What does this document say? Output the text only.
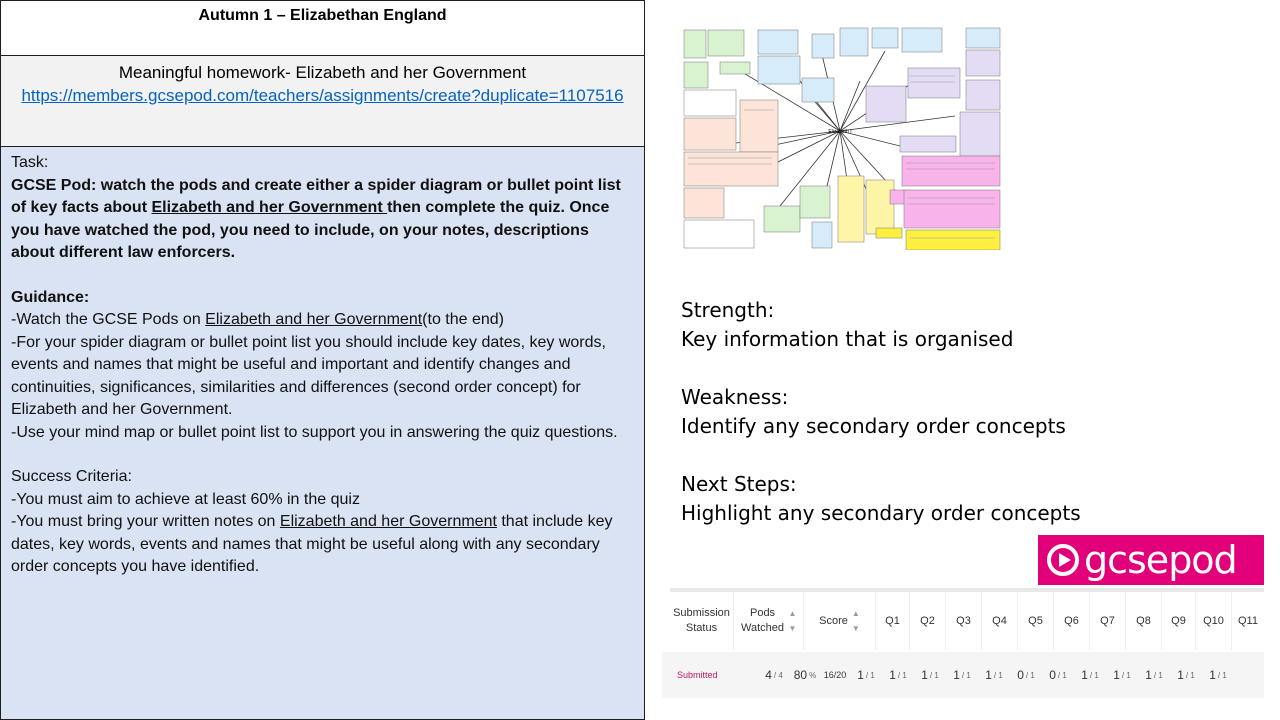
Autumn 1 – Elizabethan England
Meaningful homework- Elizabeth and her Government
https://members.gcsepod.com/teachers/assignments/create?duplicate=1107516

Task:

GCSE Pod: watch the pods and create either a spider diagram or bullet point list of key facts about Elizabeth and her Government then complete the quiz. Once you have watched the pod, you need to include, on your notes, descriptions about different law enforcers.

Guidance:

-Watch the GCSE Pods on Elizabeth and her Government(to the end)

-For your spider diagram or bullet point list you should include key dates, key words, events and names that might be useful and important and identify changes and continuities, significances, similarities and differences (second order concept) for Elizabeth and her Government.

-Use your mind map or bullet point list to support you in answering the quiz questions.

Success Criteria:

-You must aim to achieve at least 60% in the quiz

-You must bring your written notes on Elizabeth and her Government that include key dates, key words, events and names that might be useful along with any secondary order concepts you have identified.

Elizabeth I

Strength:

Key information that is organised

Weakness:

Identify any secondary order concepts

Next Steps:

Highlight any secondary order concepts

gcsepod
Submission Status
Pods Watched
▲
▼
Score
▲
▼
Q1 Q2 Q3 Q4 Q5 Q6 Q7 Q8 Q9 Q10 Q11
Submitted	4 / 4 80 % 16/20 1 / 1 1 / 1 1 / 1 1 / 1 1 / 1 0 / 1 0 / 1 1 / 1 1 / 1 1 / 1 1 / 1 1 / 1
